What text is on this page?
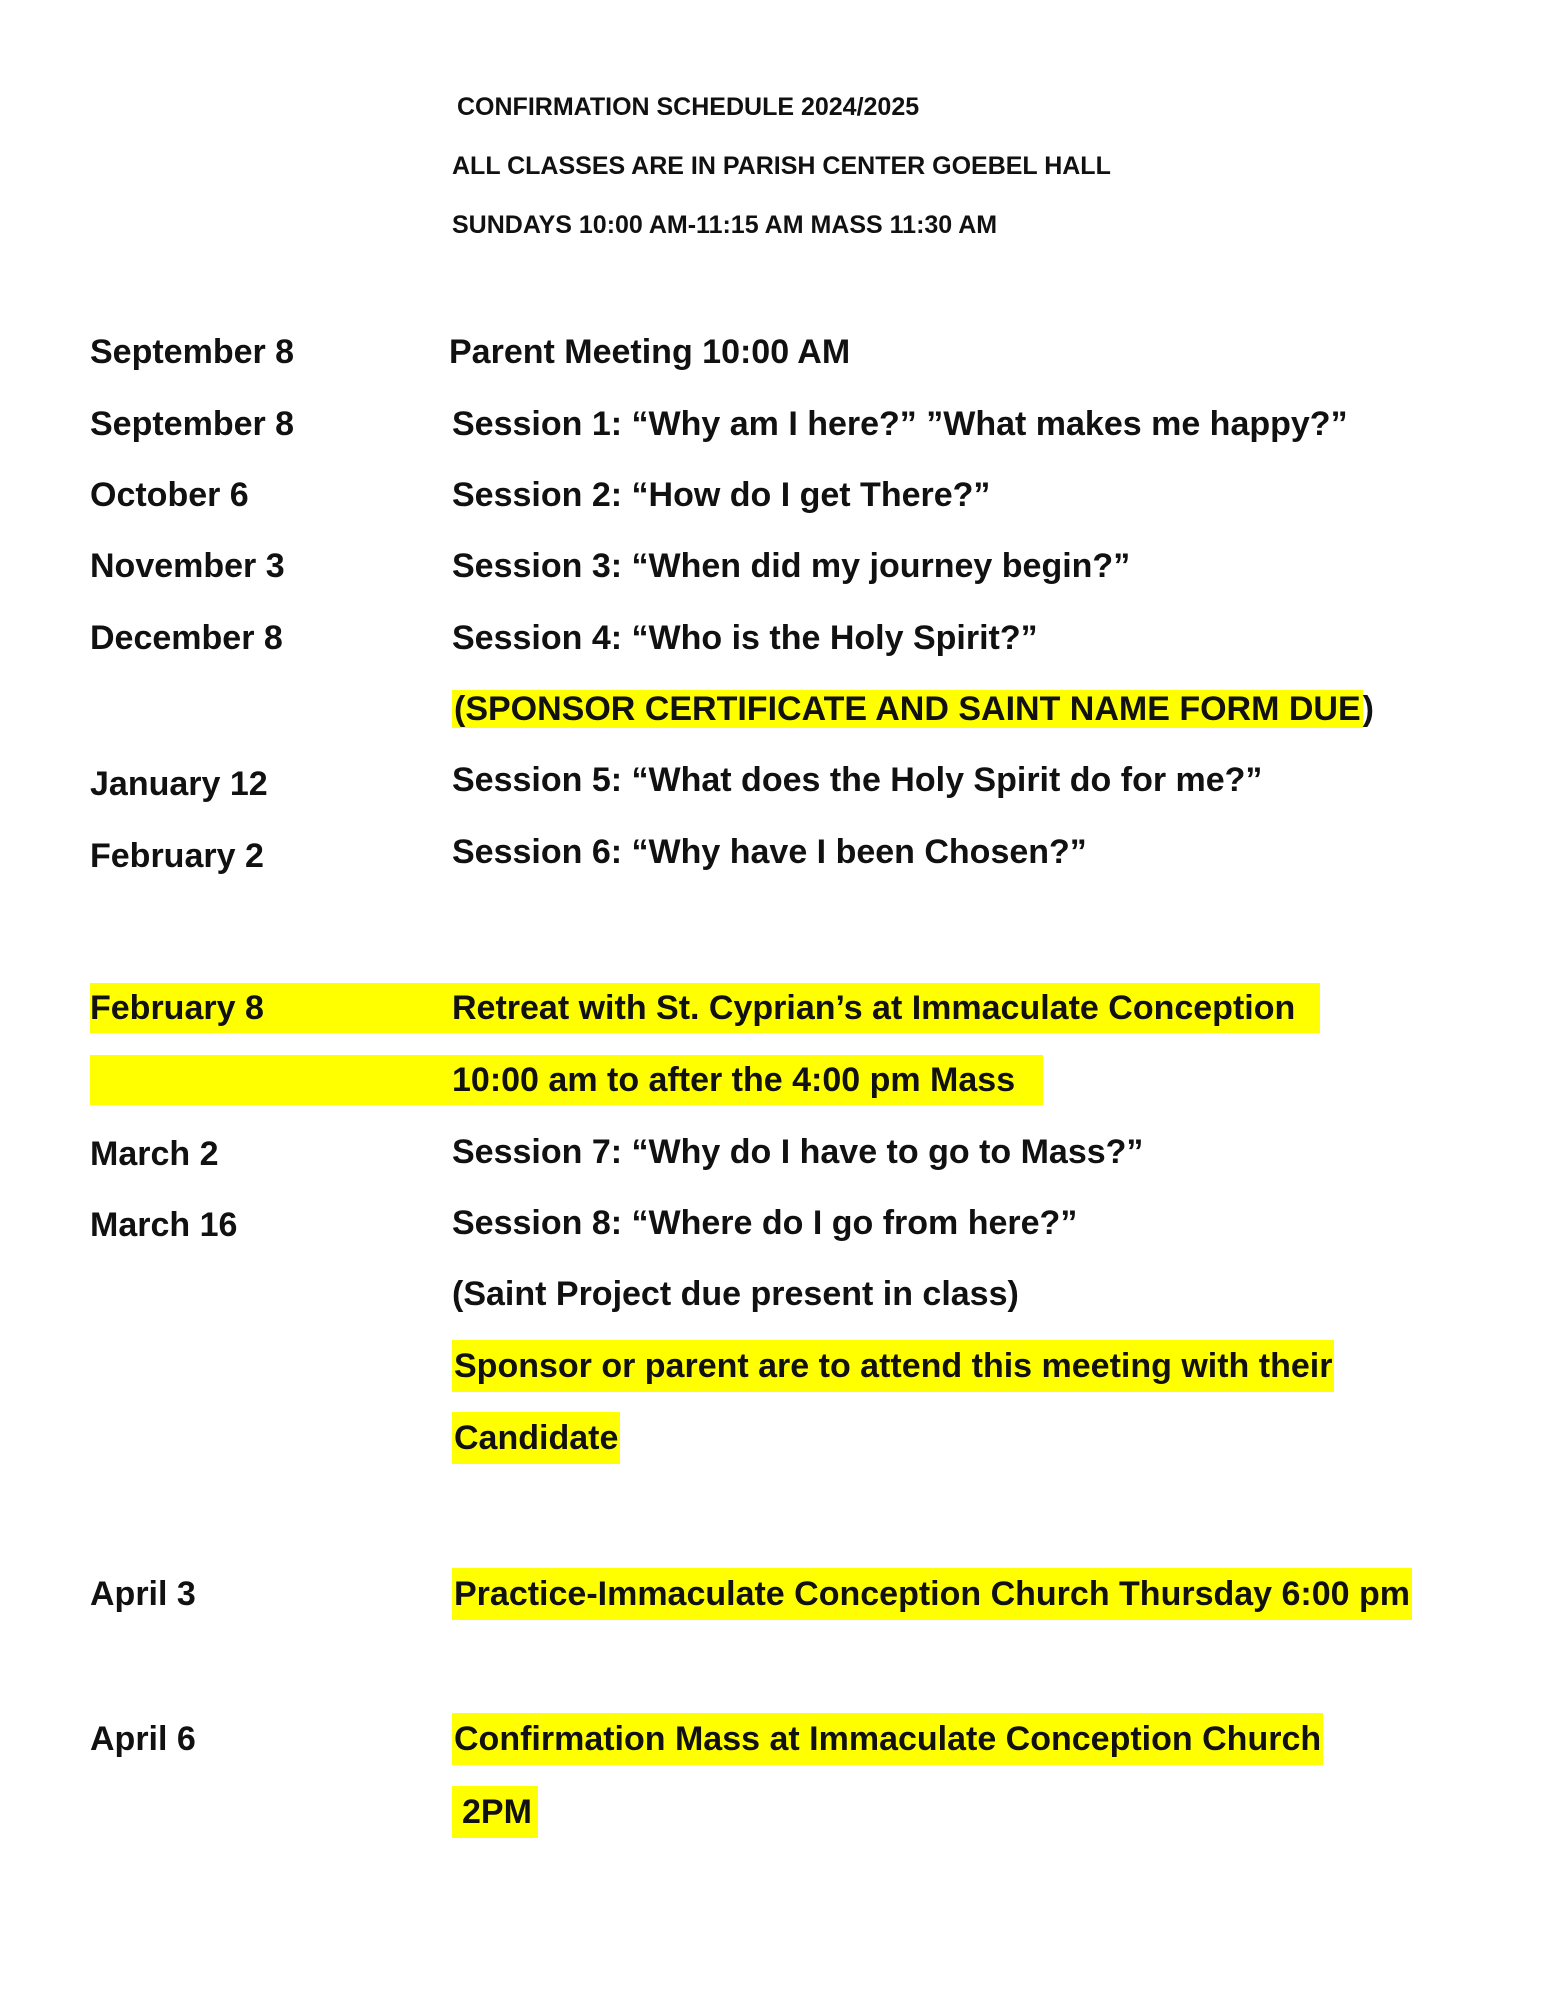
CONFIRMATION SCHEDULE 2024/2025
ALL CLASSES ARE IN PARISH CENTER GOEBEL HALL
SUNDAYS 10:00 AM-11:15 AM MASS 11:30 AM
September 8	Parent Meeting 10:00 AM
September 8	Session 1: “Why am I here?” ”What makes me happy?”
October 6	Session 2: “How do I get There?”
November 3	Session 3: “When did my journey begin?”
December 8	Session 4: “Who is the Holy Spirit?”
(SPONSOR CERTIFICATE AND SAINT NAME FORM DUE)
January 12	Session 5: “What does the Holy Spirit do for me?”
February 2	Session 6: “Why have I been Chosen?”
February 8	Retreat with St. Cyprian’s at Immaculate Conception
10:00 am to after the 4:00 pm Mass
March 2	Session 7: “Why do I have to go to Mass?”
March 16	Session 8: “Where do I go from here?”
(Saint Project due present in class)
Sponsor or parent are to attend this meeting with their
Candidate
April 3	Practice-Immaculate Conception Church Thursday 6:00 pm
April 6	Confirmation Mass at Immaculate Conception Church
2PM
